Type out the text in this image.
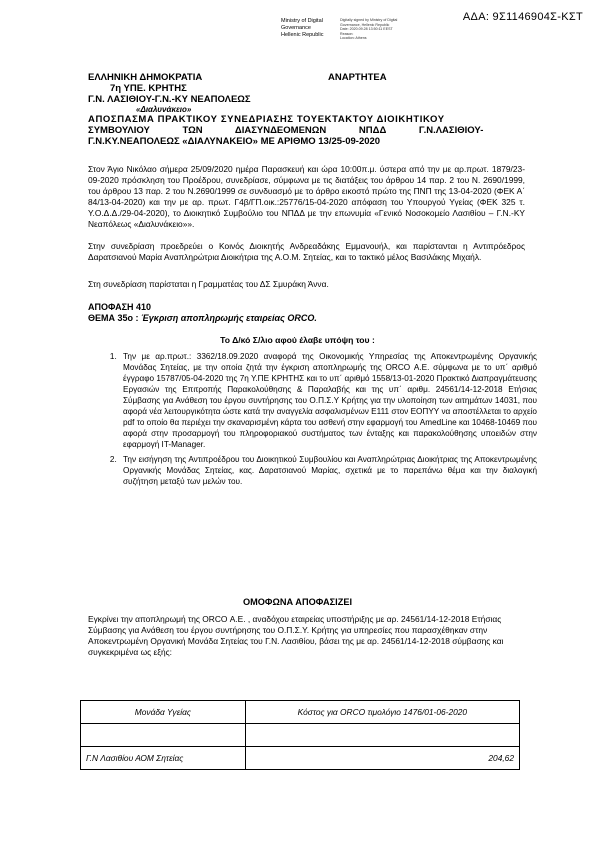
ΑΔΑ: 9Σ1146904Σ-ΚΣΤ
Ministry of Digital
Governance
Hellenic Republic
Digitally signed by Ministry of Digital
Governance, Hellenic Republic
Date: 2020.09.28 13:50:11 EEST
Reason:
Location: Athens
ΕΛΛΗΝΙΚΗ ΔΗΜΟΚΡΑΤΙΑ	ΑΝΑΡΤΗΤΕΑ
7η ΥΠΕ. ΚΡΗΤΗΣ
Γ.Ν. ΛΑΣΙΘΙΟΥ-Γ.Ν.-ΚΥ ΝΕΑΠΟΛΕΩΣ
«Διαλυνάκειο»
ΑΠΟΣΠΑΣΜΑ ΠΡΑΚΤΙΚΟΥ ΣΥΝΕΔΡΙΑΣΗΣ ΤΟΥΕΚΤΑΚΤΟΥ ΔΙΟΙΚΗΤΙΚΟΥ
ΣΥΜΒΟΥΛΙΟΥ ΤΩΝ ΔΙΑΣΥΝΔΕΟΜΕΝΩΝ ΝΠΔΔ Γ.Ν.ΛΑΣΙΘΙΟΥ-
Γ.Ν.ΚΥ.ΝΕΑΠΟΛΕΩΣ «ΔΙΑΛΥΝΑΚΕΙΟ» ΜΕ ΑΡΙΘΜΟ 13/25-09-2020
Στον Άγιο Νικόλαο σήμερα 25/09/2020 ημέρα Παρασκευή και ώρα 10:00π.μ. ύστερα από την με αρ.πρωτ. 1879/23-09-2020 πρόσκληση του Προέδρου, συνεδρίασε, σύμφωνα με τις διατάξεις του άρθρου 14 παρ. 2 του Ν. 2690/1999, του άρθρου 13 παρ. 2 του Ν.2690/1999 σε συνδυασμό με το άρθρο εικοστό πρώτο της ΠΝΠ της 13-04-2020 (ΦΕΚ Α΄ 84/13-04-2020) και την με αρ. πρωτ. Γ4β/ΓΠ.οικ.:25776/15-04-2020 απόφαση του Υπουργού Υγείας (ΦΕΚ 325 τ. Υ.Ο.Δ.Δ./29-04-2020), το Διοικητικό Συμβούλιο του ΝΠΔΔ με την επωνυμία «Γενικό Νοσοκομείο Λασιθίου – Γ.Ν.-ΚΥ Νεαπόλεως «Διαλυνάκειο»».
Στην συνεδρίαση προεδρεύει ο Κοινός Διοικητής Ανδρεαδάκης Εμμανουήλ, και παρίστανται η Αντιπρόεδρος Δαρατσιανού Μαρία Αναπληρώτρια Διοικήτρια της Α.Ο.Μ. Σητείας, και το τακτικό μέλος Βασιλάκης Μιχαήλ.
Στη συνεδρίαση παρίσταται η Γραμματέας του ΔΣ Σμυράκη Άννα.
ΑΠΟΦΑΣΗ 410
ΘΕΜΑ 35ο : Έγκριση αποπληρωμής εταιρείας ORCO.
Το Δ/κό Σ/λιο αφού έλαβε υπόψη του :
1. Την με αρ.πρωτ.: 3362/18.09.2020 αναφορά της Οικονομικής Υπηρεσίας της Αποκεντρωμένης Οργανικής Μονάδας Σητείας, με την οποία ζητά την έγκριση αποπληρωμής της ORCO Α.Ε. σύμφωνα με το υπ΄ αριθμό έγγραφο 15787/05-04-2020 της 7η Υ.ΠΕ ΚΡΗΤΗΣ και το υπ΄ αριθμό 1558/13-01-2020 Πρακτικό Διαπραγμάτευσης Εργασιών της Επιτροπής Παρακολούθησης & Παραλαβής και της υπ΄ αριθμ. 24561/14-12-2018 Ετήσιας Σύμβασης για Ανάθεση του έργου συντήρησης του Ο.Π.Σ.Υ Κρήτης για την υλοποίηση των αιτημάτων 14031, που αφορά νέα λειτουργικότητα ώστε κατά την αναγγελία ασφαλισμένων Ε111 στον ΕΟΠΥΥ να αποστέλλεται το αρχείο pdf το οποίο θα περιέχει την σκαναρισμένη κάρτα του ασθενή στην εφαρμογή του AmedLine και 10468-10469 που αφορά στην προσαρμογή του πληροφοριακού συστήματος των ένταξης και παρακολούθησης υποειδών στην εφαρμογή IT-Manager.
2. Την εισήγηση της Αντιπροέδρου του Διοικητικού Συμβουλίου και Αναπληρώτριας Διοικήτριας της Αποκεντρωμένης Οργανικής Μονάδας Σητείας, κας. Δαρατσιανού Μαρίας, σχετικά με το παρεπάνω θέμα και την διαλογική συζήτηση μεταξύ των μελών του.
ΟΜΟΦΩΝΑ ΑΠΟΦΑΣΙΖΕΙ
Εγκρίνει την αποπληρωμή της ORCO Α.Ε. , αναδόχου εταιρείας υποστήριξης με αρ. 24561/14-12-2018 Ετήσιας Σύμβασης για Ανάθεση του έργου συντήρησης του Ο.Π.Σ.Υ. Κρήτης για υπηρεσίες που παρασχέθηκαν στην Αποκεντρωμένη Οργανική Μονάδα Σητείας του Γ.Ν. Λασιθίου, βάσει της με αρ. 24561/14-12-2018 σύμβασης και συγκεκριμένα ως εξής:
Μονάδα Υγείας	Κόστος για ORCO τιμολόγιο 1476/01-06-2020

Γ.Ν Λασιθίου ΑΟΜ Σητείας	204,62
